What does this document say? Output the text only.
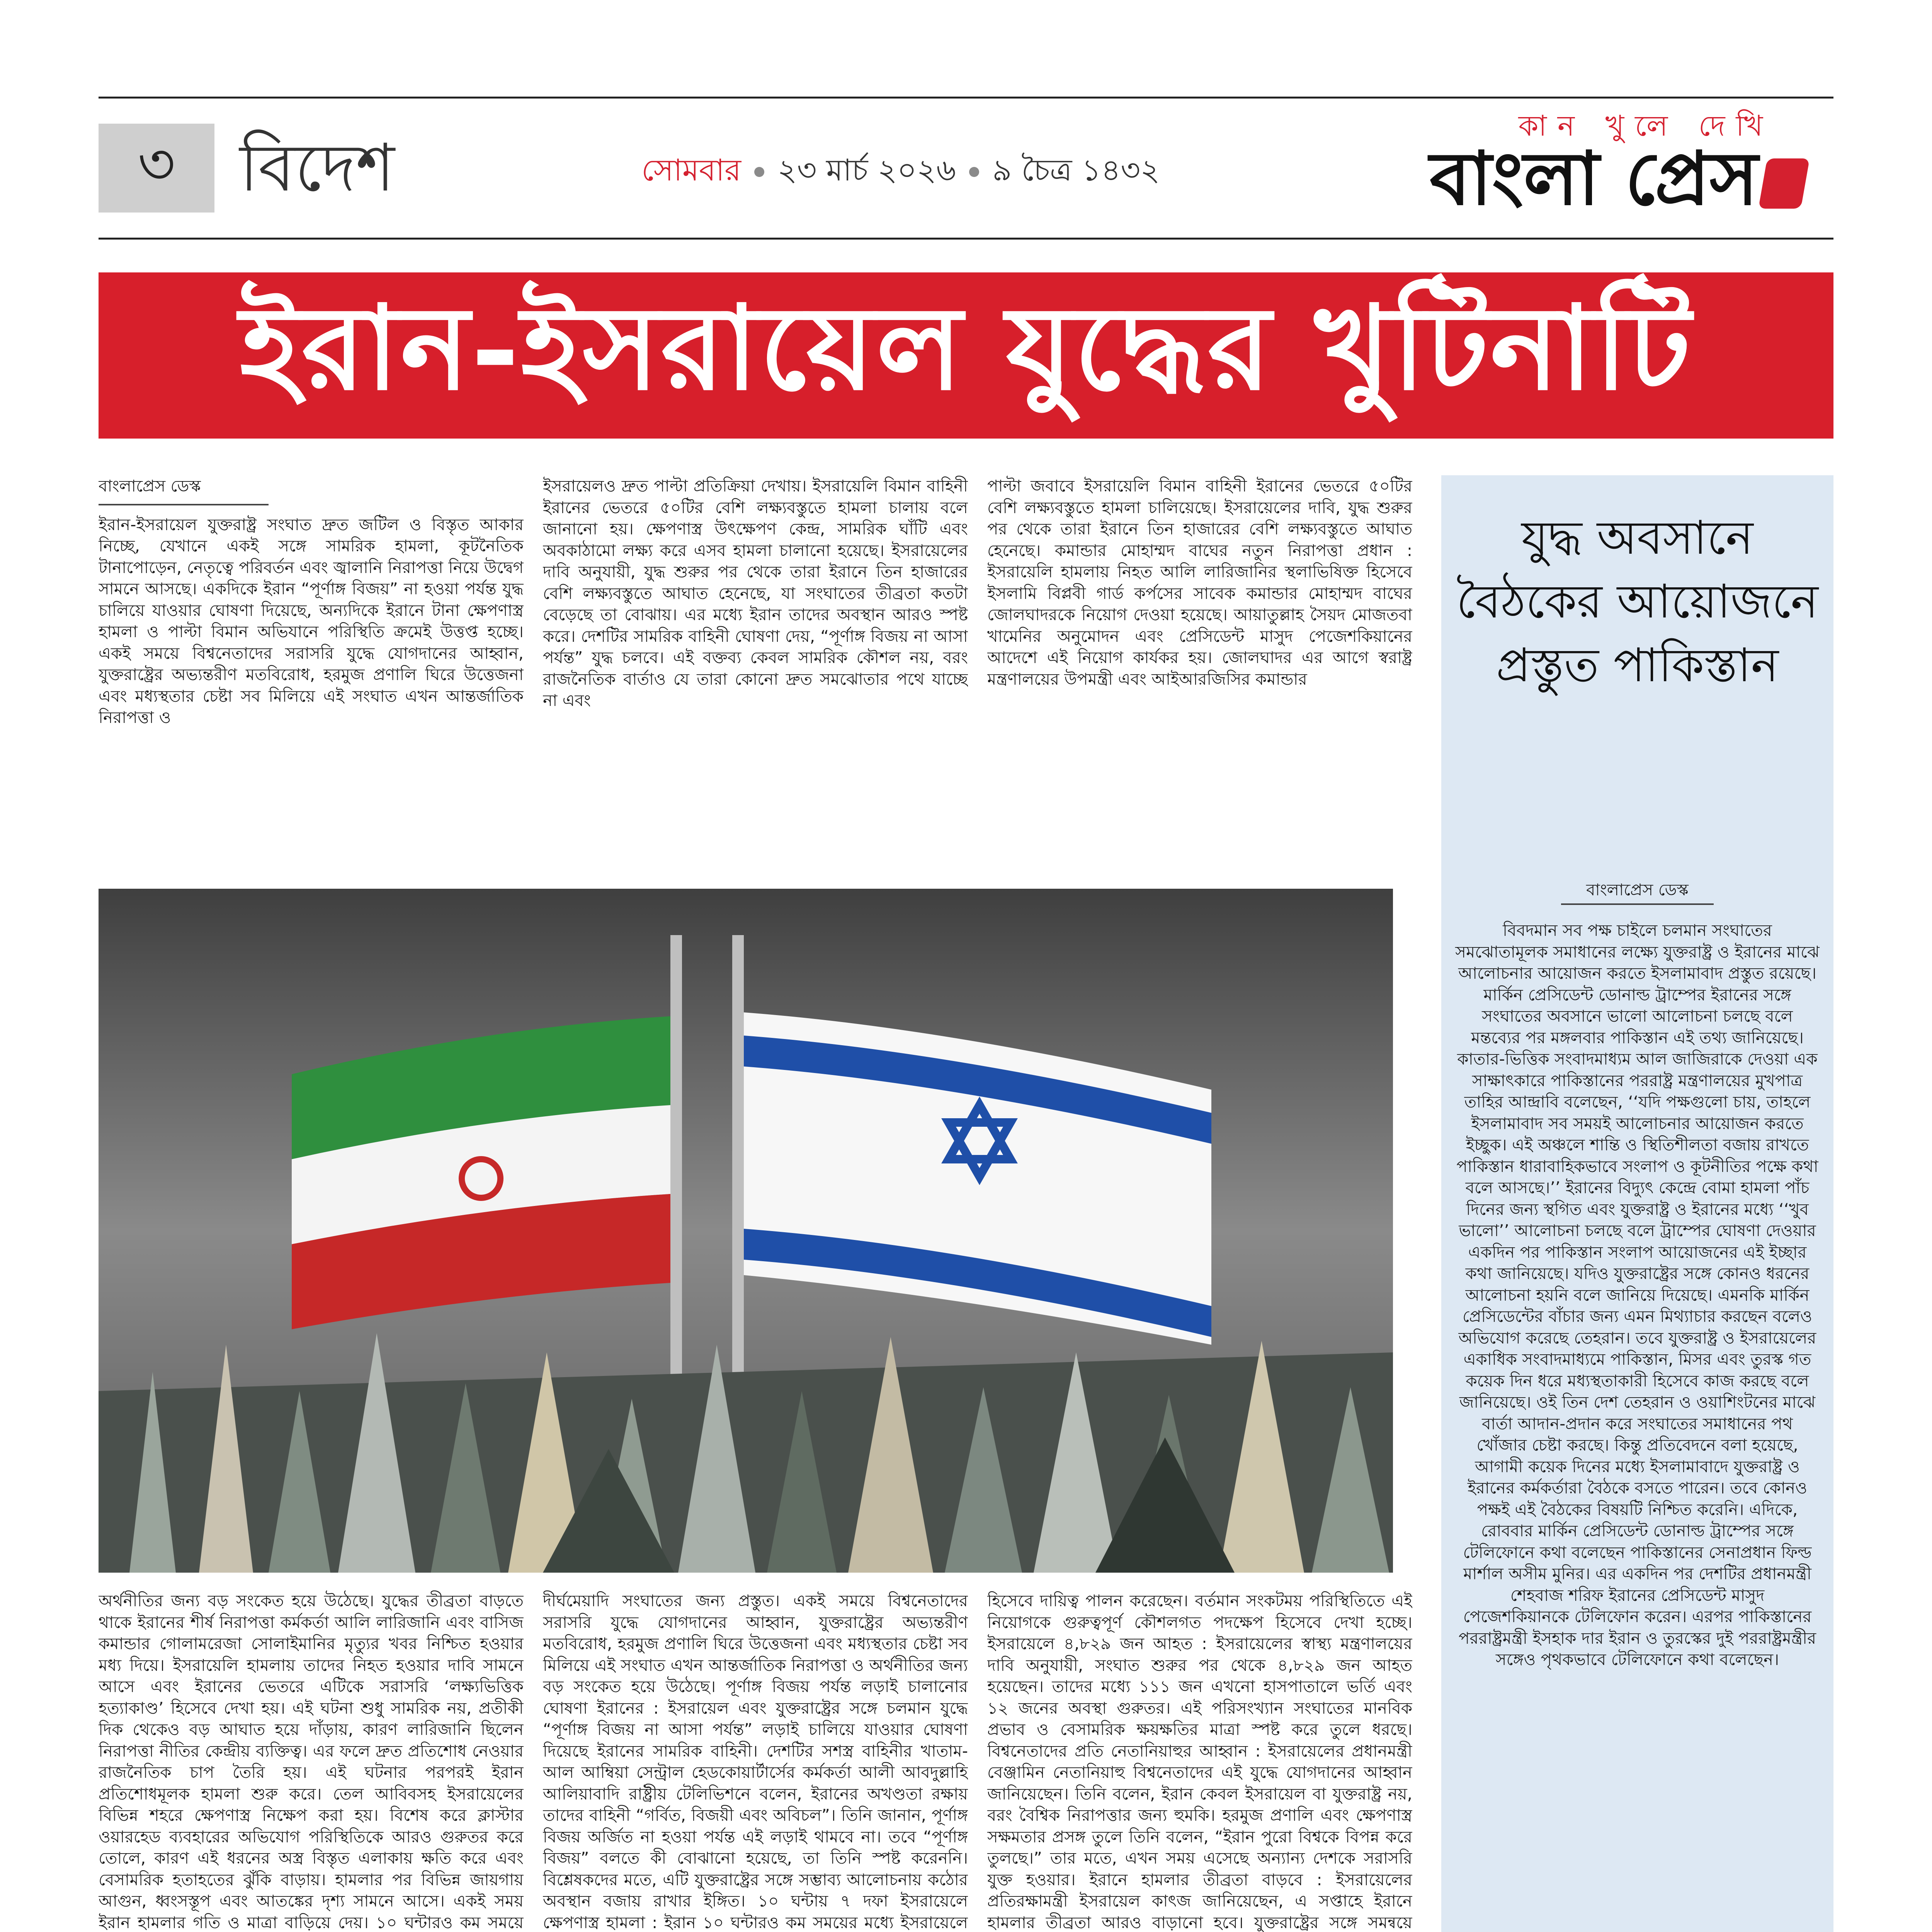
৩ বিদেশ	সোমবার ২৩ মার্চ ২০২৬ ৯ চৈত্র ১৪৩২
কান খুলে দেখি
বাংলা প্রেস
ইরান-ইসরায়েল যুদ্ধের খুটিনাটি
বাংলাপ্রেস ডেস্ক

ইরান-ইসরায়েল যুক্তরাষ্ট্র সংঘাত দ্রুত জটিল ও বিস্তৃত আকার নিচ্ছে, যেখানে একই সঙ্গে সামরিক হামলা, কূটনৈতিক টানাপোড়েন, নেতৃত্বে পরিবর্তন এবং জ্বালানি নিরাপত্তা নিয়ে উদ্বেগ সামনে আসছে। একদিকে ইরান “পূর্ণাঙ্গ বিজয়” না হওয়া পর্যন্ত যুদ্ধ চালিয়ে যাওয়ার ঘোষণা দিয়েছে, অন্যদিকে ইরানে টানা ক্ষেপণাস্ত্র হামলা ও পাল্টা বিমান অভিযানে পরিস্থিতি ক্রমেই উত্তপ্ত হচ্ছে। একই সময়ে বিশ্বনেতাদের সরাসরি যুদ্ধে যোগদানের আহ্বান, যুক্তরাষ্ট্রের অভ্যন্তরীণ মতবিরোধ, হরমুজ প্রণালি ঘিরে উত্তেজনা এবং মধ্যস্থতার চেষ্টা সব মিলিয়ে এই সংঘাত এখন আন্তর্জাতিক নিরাপত্তা ও

ইসরায়েলও দ্রুত পাল্টা প্রতিক্রিয়া দেখায়। ইসরায়েলি বিমান বাহিনী ইরানের ভেতরে ৫০টির বেশি লক্ষ্যবস্তুতে হামলা চালায় বলে জানানো হয়। ক্ষেপণাস্ত্র উৎক্ষেপণ কেন্দ্র, সামরিক ঘাঁটি এবং অবকাঠামো লক্ষ্য করে এসব হামলা চালানো হয়েছে। ইসরায়েলের দাবি অনুযায়ী, যুদ্ধ শুরুর পর থেকে তারা ইরানে তিন হাজারের বেশি লক্ষ্যবস্তুতে আঘাত হেনেছে, যা সংঘাতের তীব্রতা কতটা বেড়েছে তা বোঝায়। এর মধ্যে ইরান তাদের অবস্থান আরও স্পষ্ট করে। দেশটির সামরিক বাহিনী ঘোষণা দেয়, “পূর্ণাঙ্গ বিজয় না আসা পর্যন্ত” যুদ্ধ চলবে। এই বক্তব্য কেবল সামরিক কৌশল নয়, বরং রাজনৈতিক বার্তাও যে তারা কোনো দ্রুত সমঝোতার পথে যাচ্ছে না এবং

পাল্টা জবাবে ইসরায়েলি বিমান বাহিনী ইরানের ভেতরে ৫০টির বেশি লক্ষ্যবস্তুতে হামলা চালিয়েছে। ইসরায়েলের দাবি, যুদ্ধ শুরুর পর থেকে তারা ইরানে তিন হাজারের বেশি লক্ষ্যবস্তুতে আঘাত হেনেছে। কমান্ডার মোহাম্মদ বাঘের নতুন নিরাপত্তা প্রধান : ইসরায়েলি হামলায় নিহত আলি লারিজানির স্থলাভিষিক্ত হিসেবে ইসলামি বিপ্লবী গার্ড কর্পসের সাবেক কমান্ডার মোহাম্মদ বাঘের জোলঘাদরকে নিয়োগ দেওয়া হয়েছে। আয়াতুল্লাহ সৈয়দ মোজতবা খামেনির অনুমোদন এবং প্রেসিডেন্ট মাসুদ পেজেশকিয়ানের আদেশে এই নিয়োগ কার্যকর হয়। জোলঘাদর এর আগে স্বরাষ্ট্র মন্ত্রণালয়ের উপমন্ত্রী এবং আইআরজিসির কমান্ডার

অর্থনীতির জন্য বড় সংকেত হয়ে উঠেছে। যুদ্ধের তীব্রতা বাড়তে থাকে ইরানের শীর্ষ নিরাপত্তা কর্মকর্তা আলি লারিজানি এবং বাসিজ কমান্ডার গোলামরেজা সোলাইমানির মৃত্যুর খবর নিশ্চিত হওয়ার মধ্য দিয়ে। ইসরায়েলি হামলায় তাদের নিহত হওয়ার দাবি সামনে আসে এবং ইরানের ভেতরে এটিকে সরাসরি ‘লক্ষ্যভিত্তিক হত্যাকাণ্ড’ হিসেবে দেখা হয়। এই ঘটনা শুধু সামরিক নয়, প্রতীকী দিক থেকেও বড় আঘাত হয়ে দাঁড়ায়, কারণ লারিজানি ছিলেন নিরাপত্তা নীতির কেন্দ্রীয় ব্যক্তিত্ব। এর ফলে দ্রুত প্রতিশোধ নেওয়ার রাজনৈতিক চাপ তৈরি হয়। এই ঘটনার পরপরই ইরান প্রতিশোধমূলক হামলা শুরু করে। তেল আবিবসহ ইসরায়েলের বিভিন্ন শহরে ক্ষেপণাস্ত্র নিক্ষেপ করা হয়। বিশেষ করে ক্লাস্টার ওয়ারহেড ব্যবহারের অভিযোগ পরিস্থিতিকে আরও গুরুতর করে তোলে, কারণ এই ধরনের অস্ত্র বিস্তৃত এলাকায় ক্ষতি করে এবং বেসামরিক হতাহতের ঝুঁকি বাড়ায়। হামলার পর বিভিন্ন জায়গায় আগুন, ধ্বংসস্তূপ এবং আতঙ্কের দৃশ্য সামনে আসে। একই সময় ইরান হামলার গতি ও মাত্রা বাড়িয়ে দেয়। ১০ ঘন্টারও কম সময়ে

দীর্ঘমেয়াদি সংঘাতের জন্য প্রস্তুত। একই সময়ে বিশ্বনেতাদের সরাসরি যুদ্ধে যোগদানের আহ্বান, যুক্তরাষ্ট্রের অভ্যন্তরীণ মতবিরোধ, হরমুজ প্রণালি ঘিরে উত্তেজনা এবং মধ্যস্থতার চেষ্টা সব মিলিয়ে এই সংঘাত এখন আন্তর্জাতিক নিরাপত্তা ও অর্থনীতির জন্য বড় সংকেত হয়ে উঠেছে। পূর্ণাঙ্গ বিজয় পর্যন্ত লড়াই চালানোর ঘোষণা ইরানের : ইসরায়েল এবং যুক্তরাষ্ট্রের সঙ্গে চলমান যুদ্ধে “পূর্ণাঙ্গ বিজয় না আসা পর্যন্ত” লড়াই চালিয়ে যাওয়ার ঘোষণা দিয়েছে ইরানের সামরিক বাহিনী। দেশটির সশস্ত্র বাহিনীর খাতাম-আল আম্বিয়া সেন্ট্রাল হেডকোয়ার্টার্সের কর্মকর্তা আলী আবদুল্লাহি আলিয়াবাদি রাষ্ট্রীয় টেলিভিশনে বলেন, ইরানের অখণ্ডতা রক্ষায় তাদের বাহিনী “গর্বিত, বিজয়ী এবং অবিচল”। তিনি জানান, পূর্ণাঙ্গ বিজয় অর্জিত না হওয়া পর্যন্ত এই লড়াই থামবে না। তবে “পূর্ণাঙ্গ বিজয়” বলতে কী বোঝানো হয়েছে, তা তিনি স্পষ্ট করেননি। বিশ্লেষকদের মতে, এটি যুক্তরাষ্ট্রের সঙ্গে সম্ভাব্য আলোচনায় কঠোর অবস্থান বজায় রাখার ইঙ্গিত। ১০ ঘন্টায় ৭ দফা ইসরায়েলে ক্ষেপণাস্ত্র হামলা : ইরান ১০ ঘন্টারও কম সময়ের মধ্যে ইসরায়েলে

হিসেবে দায়িত্ব পালন করেছেন। বর্তমান সংকটময় পরিস্থিতিতে এই নিয়োগকে গুরুত্বপূর্ণ কৌশলগত পদক্ষেপ হিসেবে দেখা হচ্ছে। ইসরায়েলে ৪,৮২৯ জন আহত : ইসরায়েলের স্বাস্থ্য মন্ত্রণালয়ের দাবি অনুযায়ী, সংঘাত শুরুর পর থেকে ৪,৮২৯ জন আহত হয়েছেন। তাদের মধ্যে ১১১ জন এখনো হাসপাতালে ভর্তি এবং ১২ জনের অবস্থা গুরুতর। এই পরিসংখ্যান সংঘাতের মানবিক প্রভাব ও বেসামরিক ক্ষয়ক্ষতির মাত্রা স্পষ্ট করে তুলে ধরছে। বিশ্বনেতাদের প্রতি নেতানিয়াহুর আহ্বান : ইসরায়েলের প্রধানমন্ত্রী বেঞ্জামিন নেতানিয়াহু বিশ্বনেতাদের এই যুদ্ধে যোগদানের আহ্বান জানিয়েছেন। তিনি বলেন, ইরান কেবল ইসরায়েল বা যুক্তরাষ্ট্র নয়, বরং বৈশ্বিক নিরাপত্তার জন্য হুমকি। হরমুজ প্রণালি এবং ক্ষেপণাস্ত্র সক্ষমতার প্রসঙ্গ তুলে তিনি বলেন, “ইরান পুরো বিশ্বকে বিপন্ন করে তুলছে।” তার মতে, এখন সময় এসেছে অন্যান্য দেশকে সরাসরি যুক্ত হওয়ার। ইরানে হামলার তীব্রতা বাড়বে : ইসরায়েলের প্রতিরক্ষামন্ত্রী ইসরায়েল কাৎজ জানিয়েছেন, এ সপ্তাহে ইরানে হামলার তীব্রতা আরও বাড়ানো হবে। যুক্তরাষ্ট্রের সঙ্গে সমন্বয়ে

যুদ্ধ অবসানে বৈঠকের আয়োজনে প্রস্তুত পাকিস্তান
বাংলাপ্রেস ডেস্ক

বিবদমান সব পক্ষ চাইলে চলমান সংঘাতের সমঝোতামূলক সমাধানের লক্ষ্যে যুক্তরাষ্ট্র ও ইরানের মাঝে আলোচনার আয়োজন করতে ইসলামাবাদ প্রস্তুত রয়েছে। মার্কিন প্রেসিডেন্ট ডোনাল্ড ট্রাম্পের ইরানের সঙ্গে সংঘাতের অবসানে ভালো আলোচনা চলছে বলে মন্তব্যের পর মঙ্গলবার পাকিস্তান এই তথ্য জানিয়েছে। কাতার-ভিত্তিক সংবাদমাধ্যম আল জাজিরাকে দেওয়া এক সাক্ষাৎকারে পাকিস্তানের পররাষ্ট্র মন্ত্রণালয়ের মুখপাত্র তাহির আন্দ্রাবি বলেছেন, ‘‘যদি পক্ষগুলো চায়, তাহলে ইসলামাবাদ সব সময়ই আলোচনার আয়োজন করতে ইচ্ছুক। এই অঞ্চলে শান্তি ও স্থিতিশীলতা বজায় রাখতে পাকিস্তান ধারাবাহিকভাবে সংলাপ ও কূটনীতির পক্ষে কথা বলে আসছে।’’ ইরানের বিদ্যুৎ কেন্দ্রে বোমা হামলা পাঁচ দিনের জন্য স্থগিত এবং যুক্তরাষ্ট্র ও ইরানের মধ্যে ‘‘খুব ভালো’’ আলোচনা চলছে বলে ট্রাম্পের ঘোষণা দেওয়ার একদিন পর পাকিস্তান সংলাপ আয়োজনের এই ইচ্ছার কথা জানিয়েছে। যদিও যুক্তরাষ্ট্রের সঙ্গে কোনও ধরনের আলোচনা হয়নি বলে জানিয়ে দিয়েছে। এমনকি মার্কিন প্রেসিডেন্টের বাঁচার জন্য এমন মিথ্যাচার করছেন বলেও অভিযোগ করেছে তেহরান। তবে যুক্তরাষ্ট্র ও ইসরায়েলের একাধিক সংবাদমাধ্যমে পাকিস্তান, মিসর এবং তুরস্ক গত কয়েক দিন ধরে মধ্যস্থতাকারী হিসেবে কাজ করছে বলে জানিয়েছে। ওই তিন দেশ তেহরান ও ওয়াশিংটনের মাঝে বার্তা আদান-প্রদান করে সংঘাতের সমাধানের পথ খোঁজার চেষ্টা করছে। কিন্তু প্রতিবেদনে বলা হয়েছে, আগামী কয়েক দিনের মধ্যে ইসলামাবাদে যুক্তরাষ্ট্র ও ইরানের কর্মকর্তারা বৈঠকে বসতে পারেন। তবে কোনও পক্ষই এই বৈঠকের বিষয়টি নিশ্চিত করেনি। এদিকে, রোববার মার্কিন প্রেসিডেন্ট ডোনাল্ড ট্রাম্পের সঙ্গে টেলিফোনে কথা বলেছেন পাকিস্তানের সেনাপ্রধান ফিল্ড মার্শাল অসীম মুনির। এর একদিন পর দেশটির প্রধানমন্ত্রী শেহবাজ শরিফ ইরানের প্রেসিডেন্ট মাসুদ পেজেশকিয়ানকে টেলিফোন করেন। এরপর পাকিস্তানের পররাষ্ট্রমন্ত্রী ইসহাক দার ইরান ও তুরস্কের দুই পররাষ্ট্রমন্ত্রীর সঙ্গেও পৃথকভাবে টেলিফোনে কথা বলেছেন।
